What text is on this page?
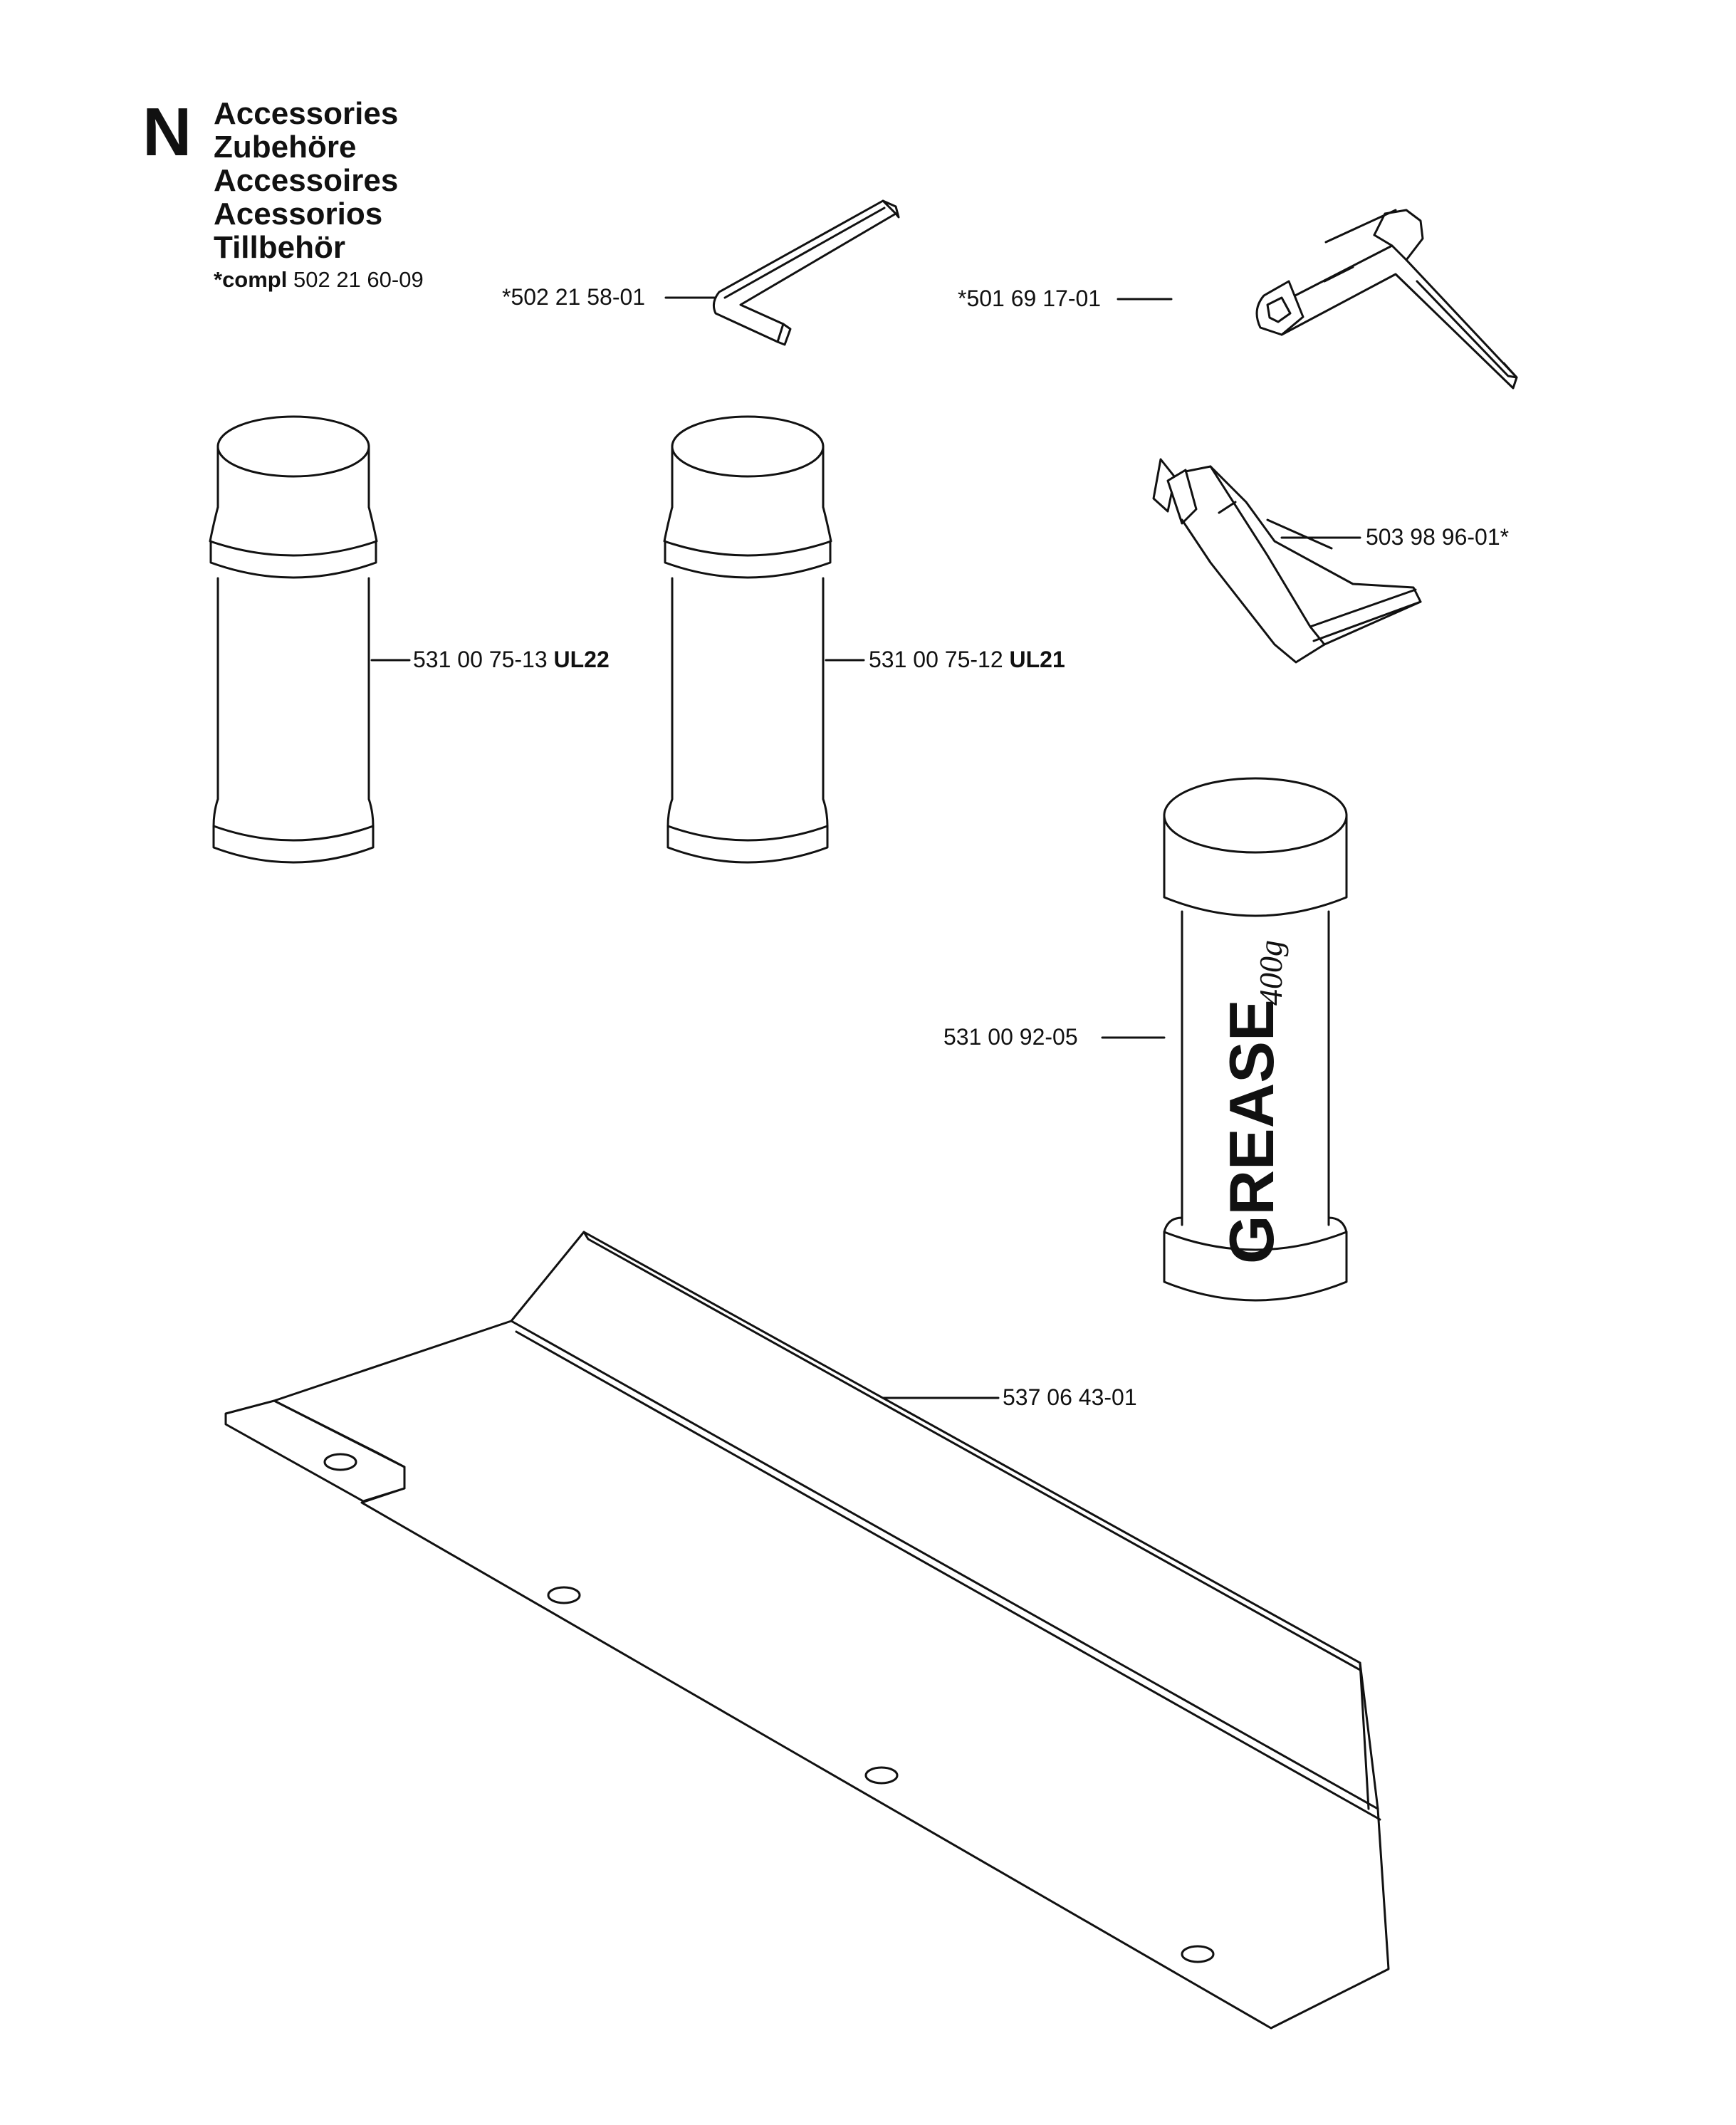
N Accessories
Zubehöre
Accessoires
Acessorios
Tillbehör
*compl 502 21 60-09
GREASE
400g
*502 21 58-01	*501 69 17-01
503 98 96-01*
531 00 75-13 UL22	531 00 75-12 UL21
531 00 92-05
537 06 43-01
